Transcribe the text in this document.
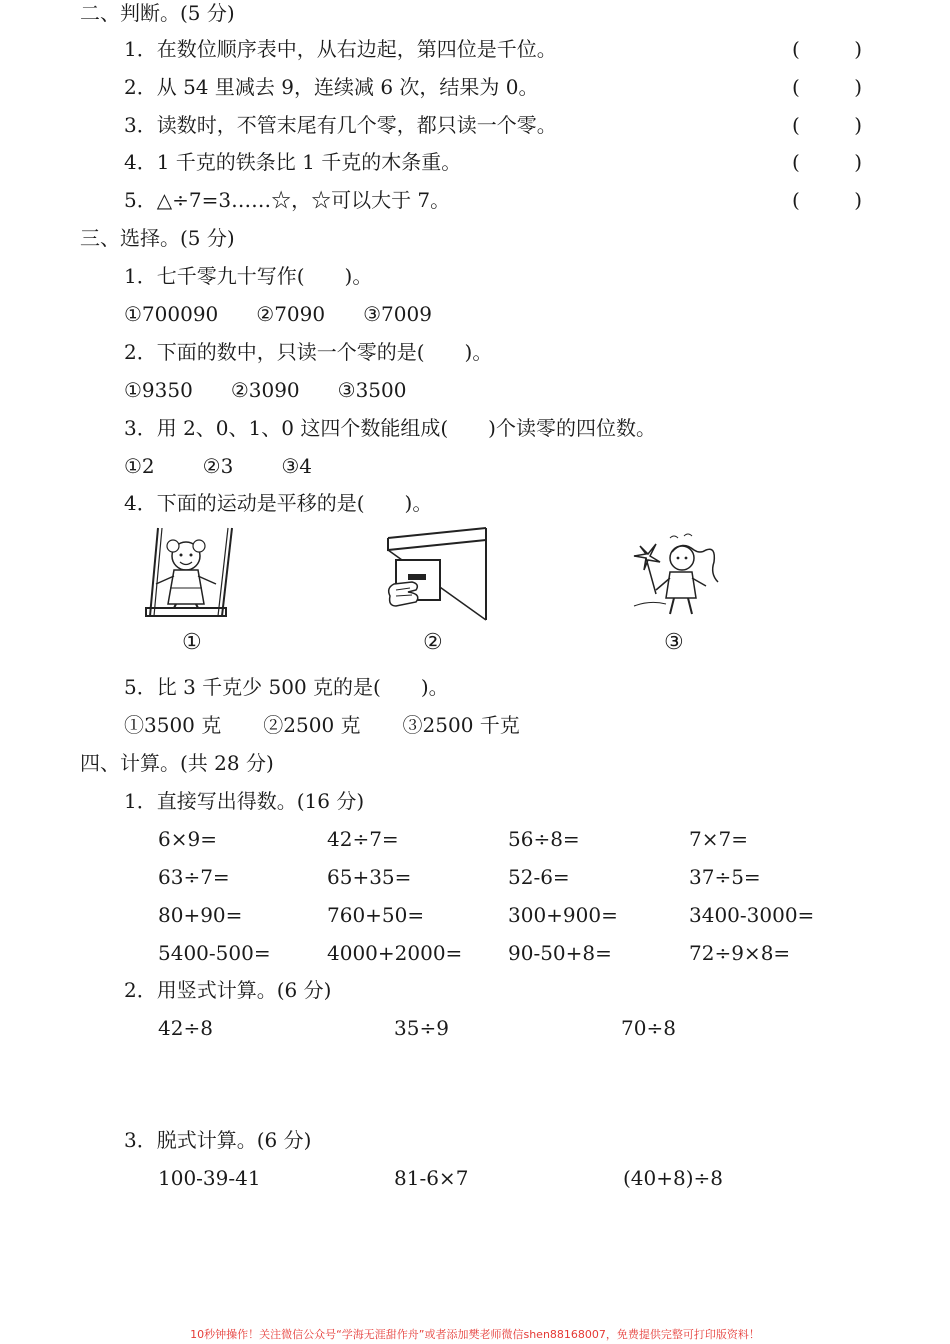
二、判断。(5 分)
1．在数位顺序表中，从右边起，第四位是千位。	(	)
2．从 54 里减去 9，连续减 6 次，结果为 0。	(	)
3．读数时，不管末尾有几个零，都只读一个零。	(	)
4．1 千克的铁条比 1 千克的木条重。	(	)
5．△÷7=3……☆，☆可以大于 7。	(	)
三、选择。(5 分)
1．七千零九十写作(　　)。
①700090 ②7090 ③7009
2．下面的数中，只读一个零的是(　　)。
①9350 ②3090 ③3500
3．用 2、0、1、0 这四个数能组成(　　)个读零的四位数。
①2 ②3 ③4
4．下面的运动是平移的是(　　)。
①	②	③
5．比 3 千克少 500 克的是(　　)。
①3500 克 ②2500 克 ③2500 千克
四、计算。(共 28 分)
1．直接写出得数。(16 分)
6×9=	42÷7=	56÷8=	7×7=
63÷7=	65+35=	52-6=	37÷5=
80+90=	760+50=	300+900=	3400-3000=
5400-500=	4000+2000= 90-50+8=	72÷9×8=
2．用竖式计算。(6 分)
42÷8	35÷9	70÷8
3．脱式计算。(6 分)
100-39-41	81-6×7	(40+8)÷8
10秒钟操作！关注微信公众号“学海无涯甜作舟”或者添加樊老师微信shen88168007，免费提供完整可打印版资料！
